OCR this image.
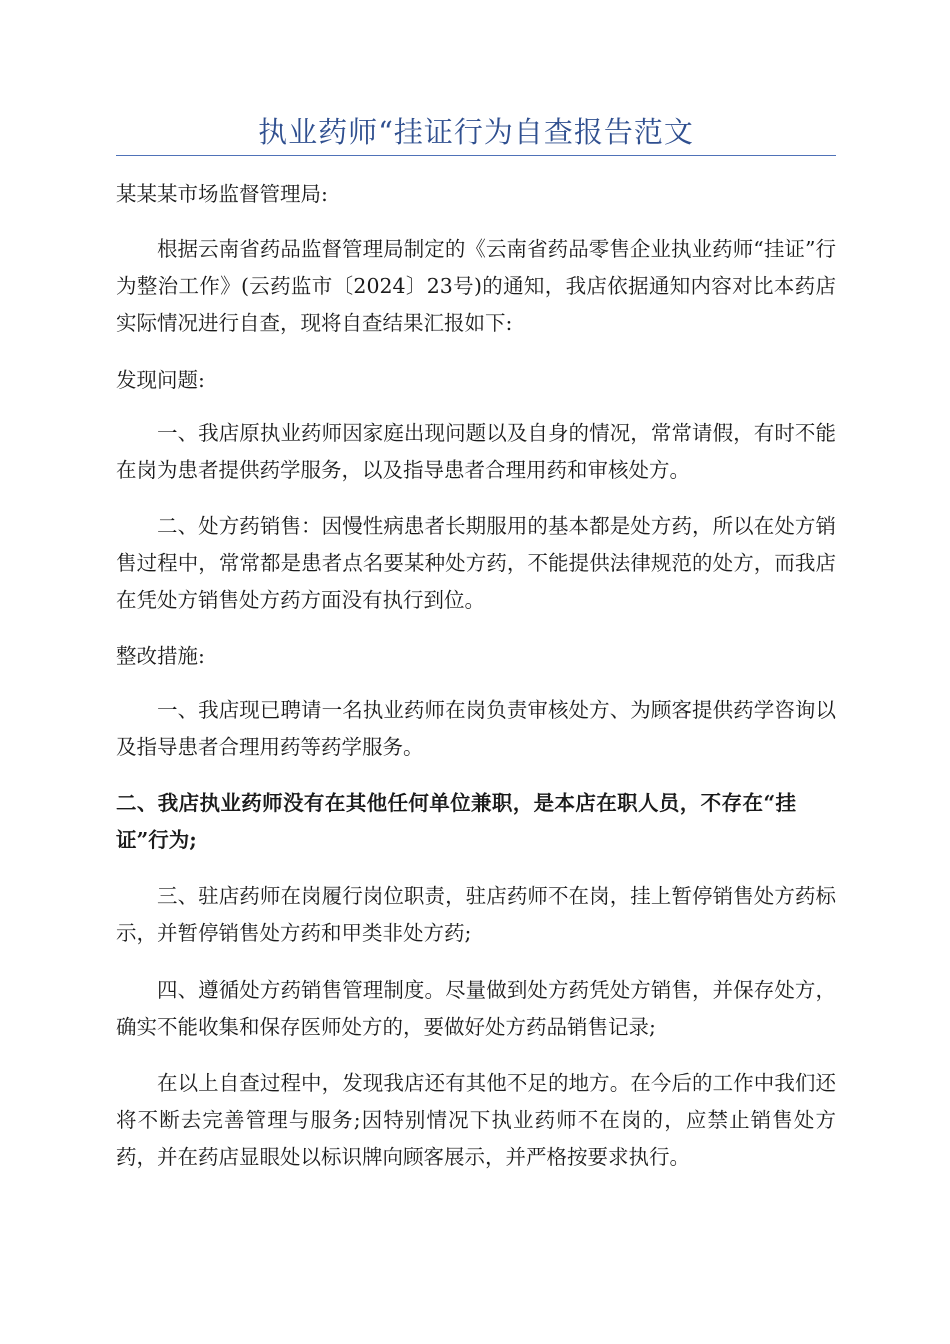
执业药师“挂证行为自查报告范文

某某某市场监督管理局:

根据云南省药品监督管理局制定的《云南省药品零售企业执业药师“挂证”行为整治工作》(云药监市〔2024〕23号)的通知，我店依据通知内容对比本药店实际情况进行自查，现将自查结果汇报如下:

发现问题:

一、我店原执业药师因家庭出现问题以及自身的情况，常常请假，有时不能在岗为患者提供药学服务，以及指导患者合理用药和审核处方。

二、处方药销售：因慢性病患者长期服用的基本都是处方药，所以在处方销售过程中，常常都是患者点名要某种处方药，不能提供法律规范的处方，而我店在凭处方销售处方药方面没有执行到位。

整改措施:

一、我店现已聘请一名执业药师在岗负责审核处方、为顾客提供药学咨询以及指导患者合理用药等药学服务。

二、我店执业药师没有在其他任何单位兼职，是本店在职人员，不存在“挂证”行为;

三、驻店药师在岗履行岗位职责，驻店药师不在岗，挂上暂停销售处方药标示，并暂停销售处方药和甲类非处方药;

四、遵循处方药销售管理制度。尽量做到处方药凭处方销售，并保存处方，确实不能收集和保存医师处方的，要做好处方药品销售记录;

在以上自查过程中，发现我店还有其他不足的地方。在今后的工作中我们还将不断去完善管理与服务;因特别情况下执业药师不在岗的，应禁止销售处方药，并在药店显眼处以标识牌向顾客展示，并严格按要求执行。
